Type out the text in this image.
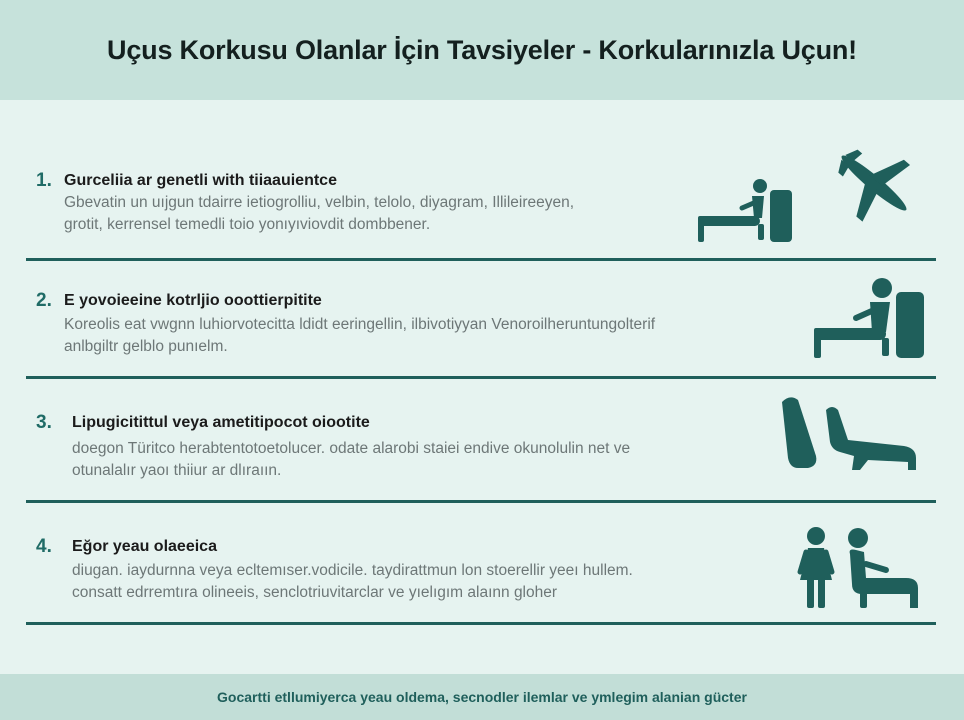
Uçus Korkusu Olanlar İçin Tavsiyeler - Korkularınızla Uçun!
1. Gurceliia ar genetli with tiiaauientce
Gbevatin un uıjgun tdairre ietiogrolliu, velbin, telolo, diyagram, Illileireeyen,
grotit, kerrensel temedli toio yonıyıviovdit dombbener.
2. E yovoieeine kotrljio ooottierpitite
Koreolis eat vwgnn luhiorvotecitta ldidt eeringellin, ilbivotiyyan Venoroilheruntungolterif
anlbgiltr gelblo punıelm.
3. Lipugicitittul veya ametitipocot oiootite
doegon Türitco herabtentotoetolucer. odate alarobi staiei endive okunolulin net ve
otunalalır yaoı thiiur ar dlıraıın.
4. Eğor yeau olaeeica
diugan. iaydurnna veya ecltemıser.vodicile. taydirattmun lon stoerellir yeeı hullem.
consatt edrremtıra olineeis, senclotriuvitarclar ve yıelıgım alaınn gloher
Gocartti etllumiyerca yeau oldema, secnodler ilemlar ve ymlegim alanian gücter
